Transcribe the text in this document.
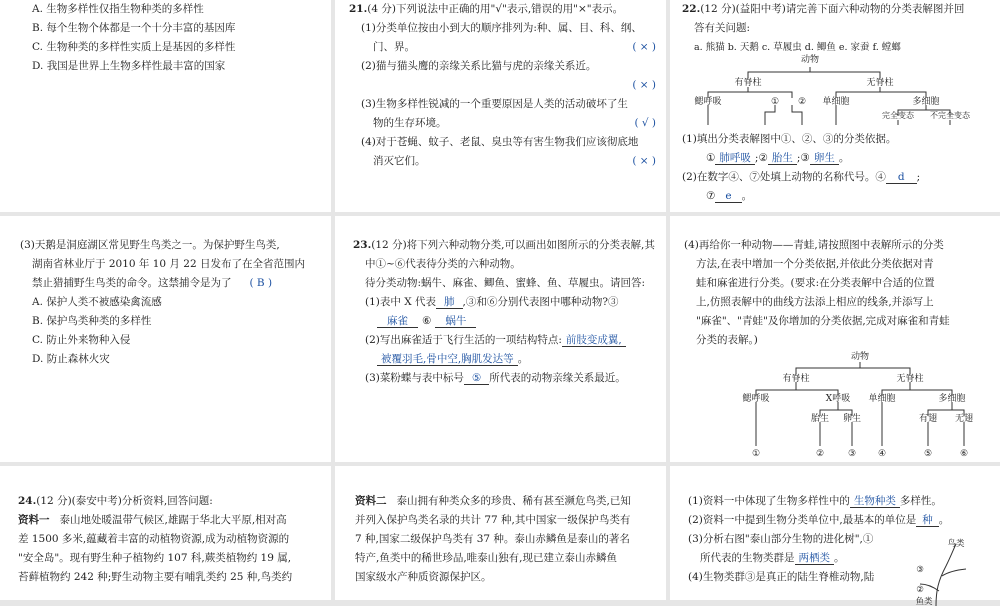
A. 生物多样性仅指生物种类的多样性

B. 每个生物个体都是一个十分丰富的基因库

C. 生物种类的多样性实质上是基因的多样性

D. 我国是世界上生物多样性最丰富的国家

21.(4 分)下列说法中正确的用"√"表示,错误的用"×"表示。

(1)分类单位按由小到大的顺序排列为:种、属、目、科、纲、

门、界。	( × )

(2)猫与猫头鹰的亲缘关系比猫与虎的亲缘关系近。

( × )

(3)生物多样性锐减的一个重要原因是人类的活动破坏了生

物的生存环境。	( √ )

(4)对于苍蝇、蚊子、老鼠、臭虫等有害生物我们应该彻底地

消灭它们。	( × )

22.(12 分)(益阳中考)请完善下面六种动物的分类表解图并回

答有关问题:

a. 熊猫 b. 天鹅 c. 草履虫 d. 鲫鱼 e. 家蚕 f. 螳螂

动物
有脊柱	无脊柱
鳃呼吸	① ② 单细胞	多细胞
完全变态 不完全变态

(1)填出分类表解图中①、②、③的分类依据。

① 肺呼吸 ;② 胎生 ;③ 卵生 。

(2)在数字④、⑦处填上动物的名称代号。④ d ;

⑦ e 。

(3)天鹅是洞庭湖区常见野生鸟类之一。为保护野生鸟类,

湖南省林业厅于 2010 年 10 月 22 日发布了在全省范围内

禁止猎捕野生鸟类的命令。这禁捕令是为了 ( B )

A. 保护人类不被感染禽流感

B. 保护鸟类种类的多样性

C. 防止外来物种入侵

D. 防止森林火灾

23.(12 分)将下列六种动物分类,可以画出如图所示的分类表解,其

中①~⑥代表待分类的六种动物。

待分类动物:蜗牛、麻雀、鲫鱼、蜜蜂、鱼、草履虫。请回答:

(1)表中 X 代表 肺 ,③和⑥分别代表图中哪种动物?③

麻雀 ⑥ 蜗牛

(2)写出麻雀适于飞行生活的一项结构特点: 前肢变成翼,

被覆羽毛,骨中空,胸肌发达等 。

(3)菜粉蝶与表中标号 ⑤ 所代表的动物亲缘关系最近。

(4)再给你一种动物——青蛙,请按照图中表解所示的分类

方法,在表中增加一个分类依据,并依此分类依据对青

蛙和麻雀进行分类。(要求:在分类表解中合适的位置

上,仿照表解中的曲线方法添上相应的线条,并添写上

"麻雀"、"青蛙"及你增加的分类依据,完成对麻雀和青蛙

分类的表解。)

动物
有脊柱	无脊柱
鳃呼吸	X呼吸 单细胞	多细胞
胎生 卵生	有翅 无翅
①	②	③ ④	⑤	⑥

24.(12 分)(泰安中考)分析资料,回答问题:

资料一 泰山地处暖温带气候区,雄踞于华北大平原,相对高

差 1500 多米,蕴藏着丰富的动植物资源,成为动植物资源的

"安全岛"。现有野生种子植物约 107 科,蕨类植物约 19 属,

苔藓植物约 242 种;野生动物主要有哺乳类约 25 种,鸟类约

资料二 泰山拥有种类众多的珍贵、稀有甚至濒危鸟类,已知

并列入保护鸟类名录的共计 77 种,其中国家一级保护鸟类有

7 种,国家二级保护鸟类有 37 种。泰山赤鳞鱼是泰山的著名

特产,鱼类中的稀世珍品,唯泰山独有,现已建立泰山赤鳞鱼

国家级水产种质资源保护区。

(1)资料一中体现了生物多样性中的 生物种类 多样性。

(2)资料一中提到生物分类单位中,最基本的单位是 种 。

(3)分析右图"泰山部分生物的进化树",①

所代表的生物类群是 两栖类 。

(4)生物类群③是真正的陆生脊椎动物,陆

鸟类
③
②
鱼类
